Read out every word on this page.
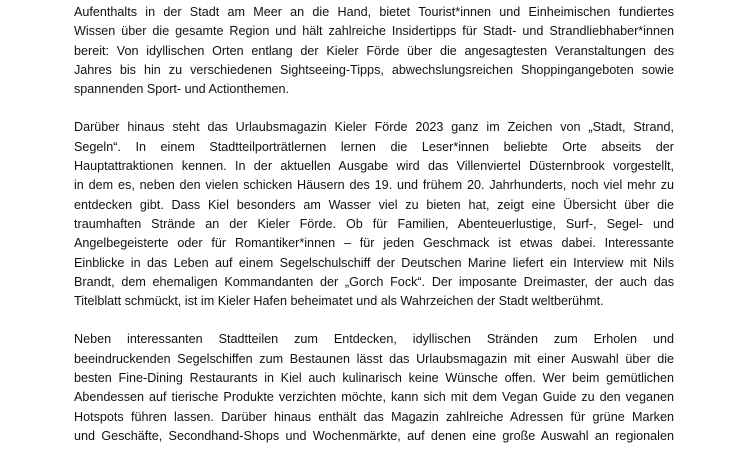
Aufenthalts in der Stadt am Meer an die Hand, bietet Tourist*innen und Einheimischen fundiertes
Wissen über die gesamte Region und hält zahlreiche Insidertipps für Stadt- und Strandliebhaber*innen
bereit: Von idyllischen Orten entlang der Kieler Förde über die angesagtesten Veranstaltungen des
Jahres bis hin zu verschiedenen Sightseeing-Tipps, abwechslungsreichen Shoppingangeboten sowie
spannenden Sport- und Actionthemen.

Darüber hinaus steht das Urlaubsmagazin Kieler Förde 2023 ganz im Zeichen von „Stadt, Strand,
Segeln“. In einem Stadtteilporträtlernen lernen die Leser*innen beliebte Orte abseits der
Hauptattraktionen kennen. In der aktuellen Ausgabe wird das Villenviertel Düsternbrook vorgestellt,
in dem es, neben den vielen schicken Häusern des 19. und frühem 20. Jahrhunderts, noch viel mehr zu
entdecken gibt. Dass Kiel besonders am Wasser viel zu bieten hat, zeigt eine Übersicht über die
traumhaften Strände an der Kieler Förde. Ob für Familien, Abenteuerlustige, Surf-, Segel- und
Angelbegeisterte oder für Romantiker*innen – für jeden Geschmack ist etwas dabei. Interessante
Einblicke in das Leben auf einem Segelschulschiff der Deutschen Marine liefert ein Interview mit Nils
Brandt, dem ehemaligen Kommandanten der „Gorch Fock“. Der imposante Dreimaster, der auch das
Titelblatt schmückt, ist im Kieler Hafen beheimatet und als Wahrzeichen der Stadt weltberühmt.

Neben interessanten Stadtteilen zum Entdecken, idyllischen Stränden zum Erholen und
beeindruckenden Segelschiffen zum Bestaunen lässt das Urlaubsmagazin mit einer Auswahl über die
besten Fine-Dining Restaurants in Kiel auch kulinarisch keine Wünsche offen. Wer beim gemütlichen
Abendessen auf tierische Produkte verzichten möchte, kann sich mit dem Vegan Guide zu den veganen
Hotspots führen lassen. Darüber hinaus enthält das Magazin zahlreiche Adressen für grüne Marken
und Geschäfte, Secondhand-Shops und Wochenmärkte, auf denen eine große Auswahl an regionalen
